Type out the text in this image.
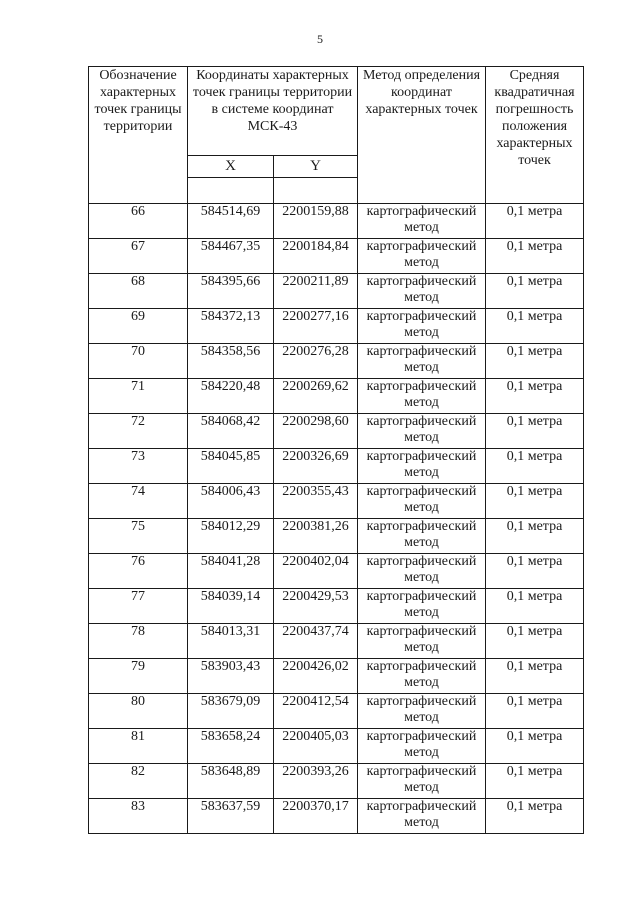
5
Обозначение характерных точек границы территории	Координаты характерных точек границы территории в системе координат МСК-43		Метод определения координат характерных точек	Средняя квадратичная погрешность положения характерных точек
	X	Y		

66	584514,69	2200159,88	картографический метод	0,1 метра
67	584467,35	2200184,84	картографический метод	0,1 метра
68	584395,66	2200211,89	картографический метод	0,1 метра
69	584372,13	2200277,16	картографический метод	0,1 метра
70	584358,56	2200276,28	картографический метод	0,1 метра
71	584220,48	2200269,62	картографический метод	0,1 метра
72	584068,42	2200298,60	картографический метод	0,1 метра
73	584045,85	2200326,69	картографический метод	0,1 метра
74	584006,43	2200355,43	картографический метод	0,1 метра
75	584012,29	2200381,26	картографический метод	0,1 метра
76	584041,28	2200402,04	картографический метод	0,1 метра
77	584039,14	2200429,53	картографический метод	0,1 метра
78	584013,31	2200437,74	картографический метод	0,1 метра
79	583903,43	2200426,02	картографический метод	0,1 метра
80	583679,09	2200412,54	картографический метод	0,1 метра
81	583658,24	2200405,03	картографический метод	0,1 метра
82	583648,89	2200393,26	картографический метод	0,1 метра
83	583637,59	2200370,17	картографический метод	0,1 метра
